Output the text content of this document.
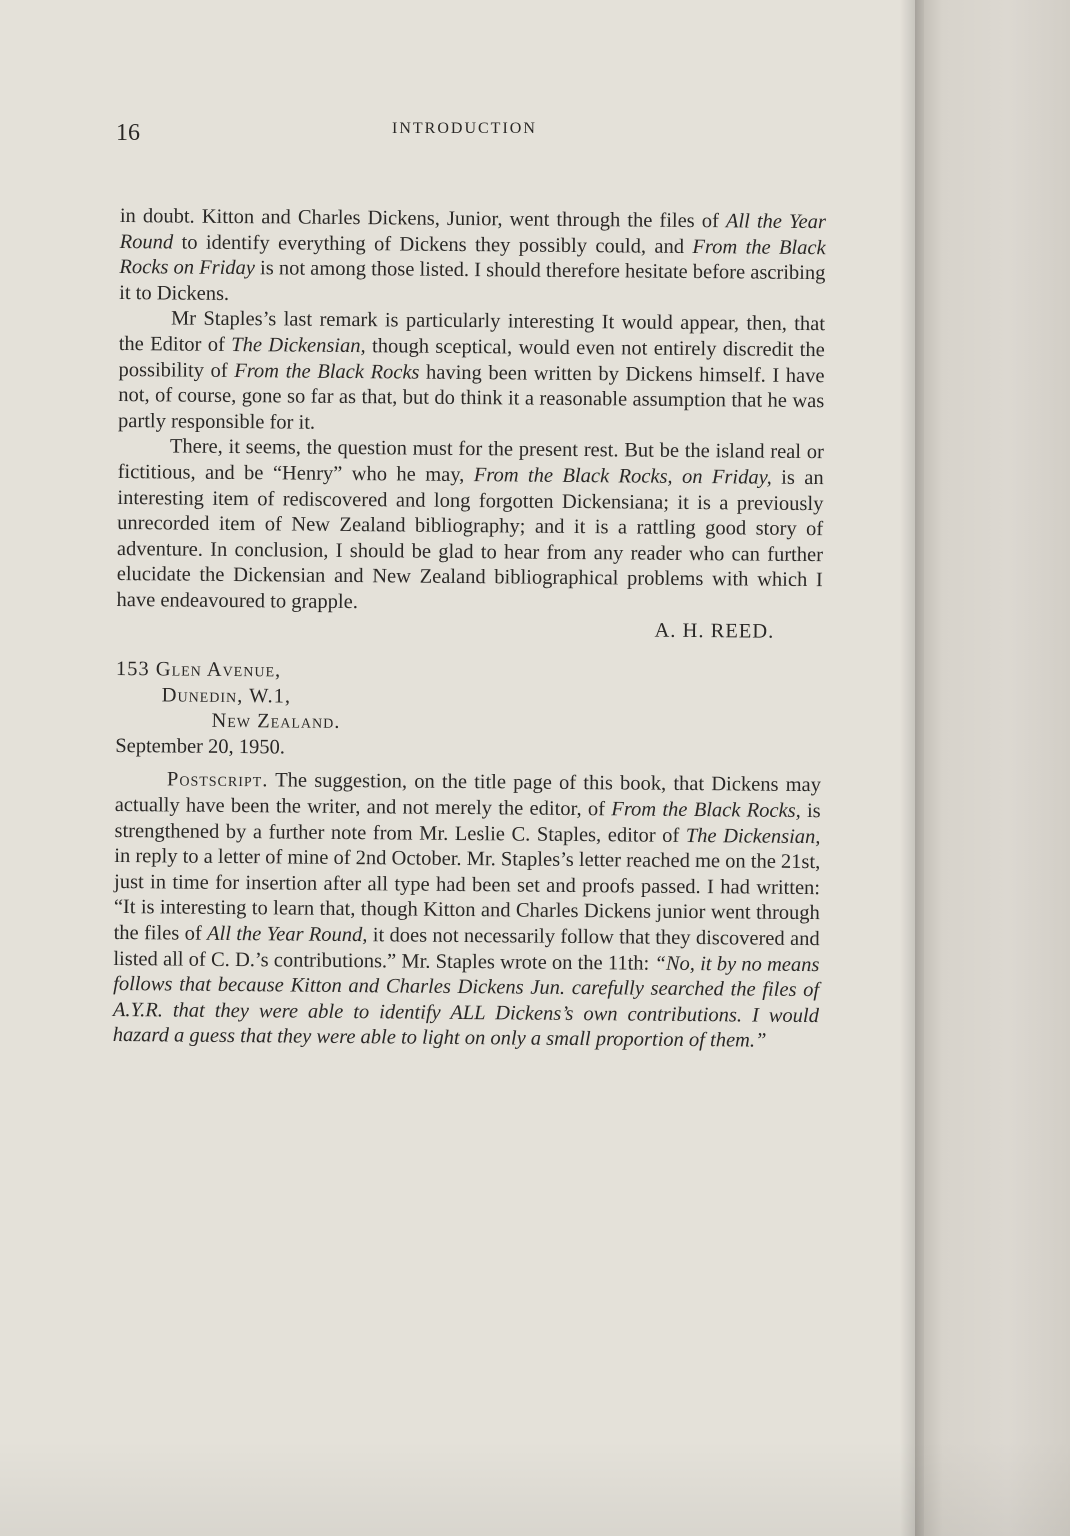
16	INTRODUCTION

in doubt. Kitton and Charles Dickens, Junior, went through the files of All the Year Round to identify everything of Dickens they possibly could, and From the Black Rocks on Friday is not among those listed. I should therefore hesitate before ascribing it to Dickens.

Mr Staples’s last remark is particularly interesting It would appear, then, that the Editor of The Dickensian, though sceptical, would even not entirely discredit the possibility of From the Black Rocks having been written by Dickens himself. I have not, of course, gone so far as that, but do think it a reasonable assumption that he was partly responsible for it.

There, it seems, the question must for the present rest. But be the island real or fictitious, and be “Henry” who he may, From the Black Rocks, on Friday, is an interesting item of rediscovered and long forgotten Dickensiana; it is a previously unrecorded item of New Zealand bibliography; and it is a rattling good story of adventure. In conclusion, I should be glad to hear from any reader who can further elucidate the Dickensian and New Zealand bibliographical problems with which I have endeavoured to grapple.

A. H. REED.

153 Glen Avenue,

Dunedin, W.1,

New Zealand.

September 20, 1950.

Postscript. The suggestion, on the title page of this book, that Dickens may actually have been the writer, and not merely the editor, of From the Black Rocks, is strengthened by a further note from Mr. Leslie C. Staples, editor of The Dickensian, in reply to a letter of mine of 2nd October. Mr. Staples’s letter reached me on the 21st, just in time for insertion after all type had been set and proofs passed. I had written: “It is interesting to learn that, though Kitton and Charles Dickens junior went through the files of All the Year Round, it does not necessarily follow that they discovered and listed all of C. D.’s contributions.” Mr. Staples wrote on the 11th: “No, it by no means follows that because Kitton and Charles Dickens Jun. carefully searched the files of A.Y.R. that they were able to identify ALL Dickens’s own contributions. I would hazard a guess that they were able to light on only a small proportion of them.”
